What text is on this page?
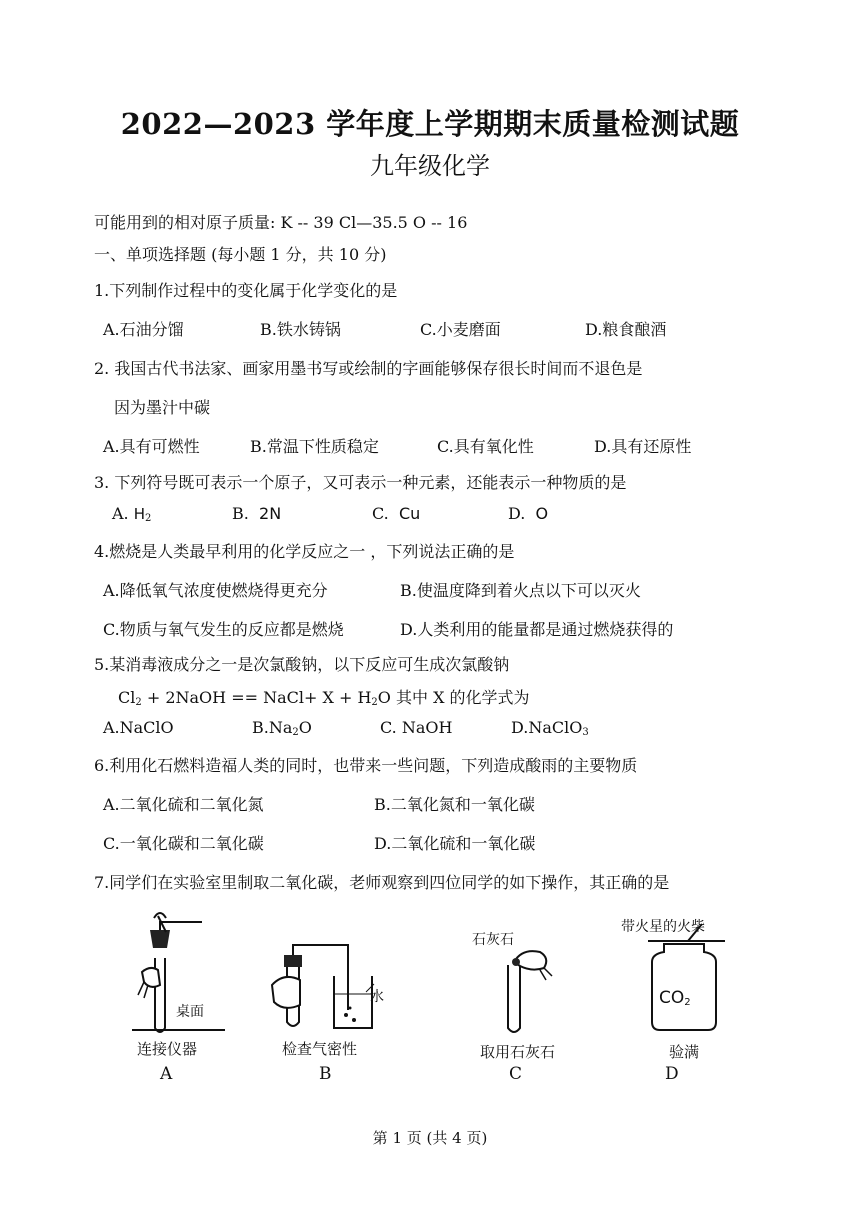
2022—2023 学年度上学期期末质量检测试题
九年级化学
可能用到的相对原子质量: K -- 39 Cl—35.5 O -- 16
一、单项选择题 (每小题 1 分，共 10 分)
1.下列制作过程中的变化属于化学变化的是
A.石油分馏	B.铁水铸锅	C.小麦磨面	D.粮食酿酒
2. 我国古代书法家、画家用墨书写或绘制的字画能够保存很长时间而不退色是
因为墨汁中碳
A.具有可燃性	B.常温下性质稳定	C.具有氧化性	D.具有还原性
3. 下列符号既可表示一个原子，又可表示一种元素，还能表示一种物质的是
A. $H_2$	B. 2N	C. Cu	D. O
4.燃烧是人类最早利用的化学反应之一 ，下列说法正确的是
A.降低氧气浓度使燃烧得更充分	B.使温度降到着火点以下可以灭火
C.物质与氧气发生的反应都是燃烧	D.人类利用的能量都是通过燃烧获得的
5.某消毒液成分之一是次氯酸钠，以下反应可生成次氯酸钠
$Cl_2$ + 2NaOH == NaCl+ $X + H_2O$ 其中 X 的化学式为
A.NaClO	$B.Na_2O$	C. NaOH	D.NaClO$_3$
6.利用化石燃料造福人类的同时，也带来一些问题，下列造成酸雨的主要物质
A.二氧化硫和二氧化氮	B.二氧化氮和一氧化碳
C.一氧化碳和二氧化碳	D.二氧化硫和一氧化碳
7.同学们在实验室里制取二氧化碳，老师观察到四位同学的如下操作，其正确的是
桌面
连接仪器
A
水
检查气密性
B
石灰石
取用石灰石
C
带火星的火柴
$CO_2$
验满
D
第 1 页 (共 4 页)
